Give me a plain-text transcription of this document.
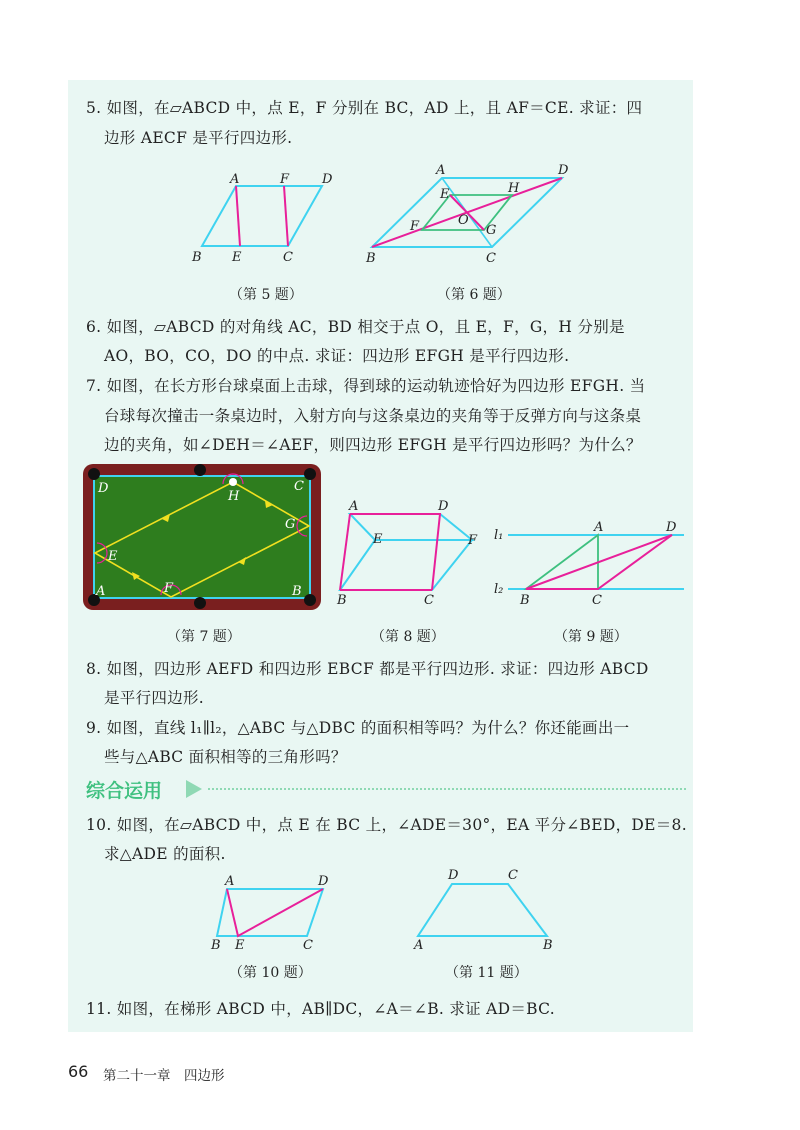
5. 如图，在▱ABCD 中，点 E，F 分别在 BC，AD 上，且 AF＝CE. 求证：四
边形 AECF 是平行四边形.
A	F	D
B E	C
（第 5 题）
A	D
E	H
F	O
G
B	C
（第 6 题）
6. 如图，▱ABCD 的对角线 AC，BD 相交于点 O，且 E，F，G，H 分别是
AO，BO，CO，DO 的中点. 求证：四边形 EFGH 是平行四边形.
7. 如图，在长方形台球桌面上击球，得到球的运动轨迹恰好为四边形 EFGH. 当
台球每次撞击一条桌边时，入射方向与这条桌边的夹角等于反弹方向与这条桌
边的夹角，如∠DEH＝∠AEF，则四边形 EFGH 是平行四边形吗？为什么？
D	C
H
G
E
F
A	B
（第 7 题）
A	D
E	F
B	C
（第 8 题）
l₁
l₂
A	D
B	C
（第 9 题）
8. 如图，四边形 AEFD 和四边形 EBCF 都是平行四边形. 求证：四边形 ABCD
是平行四边形.
9. 如图，直线 l₁∥l₂，△ABC 与△DBC 的面积相等吗？为什么？你还能画出一
些与△ABC 面积相等的三角形吗？
综合运用
10. 如图，在▱ABCD 中，点 E 在 BC 上，∠ADE＝30°，EA 平分∠BED，DE＝8.
求△ADE 的面积.
A	D
B E	C
（第 10 题）
D	C
A	B
（第 11 题）
11. 如图，在梯形 ABCD 中，AB∥DC，∠A＝∠B. 求证 AD＝BC.
66 第二十一章　四边形
